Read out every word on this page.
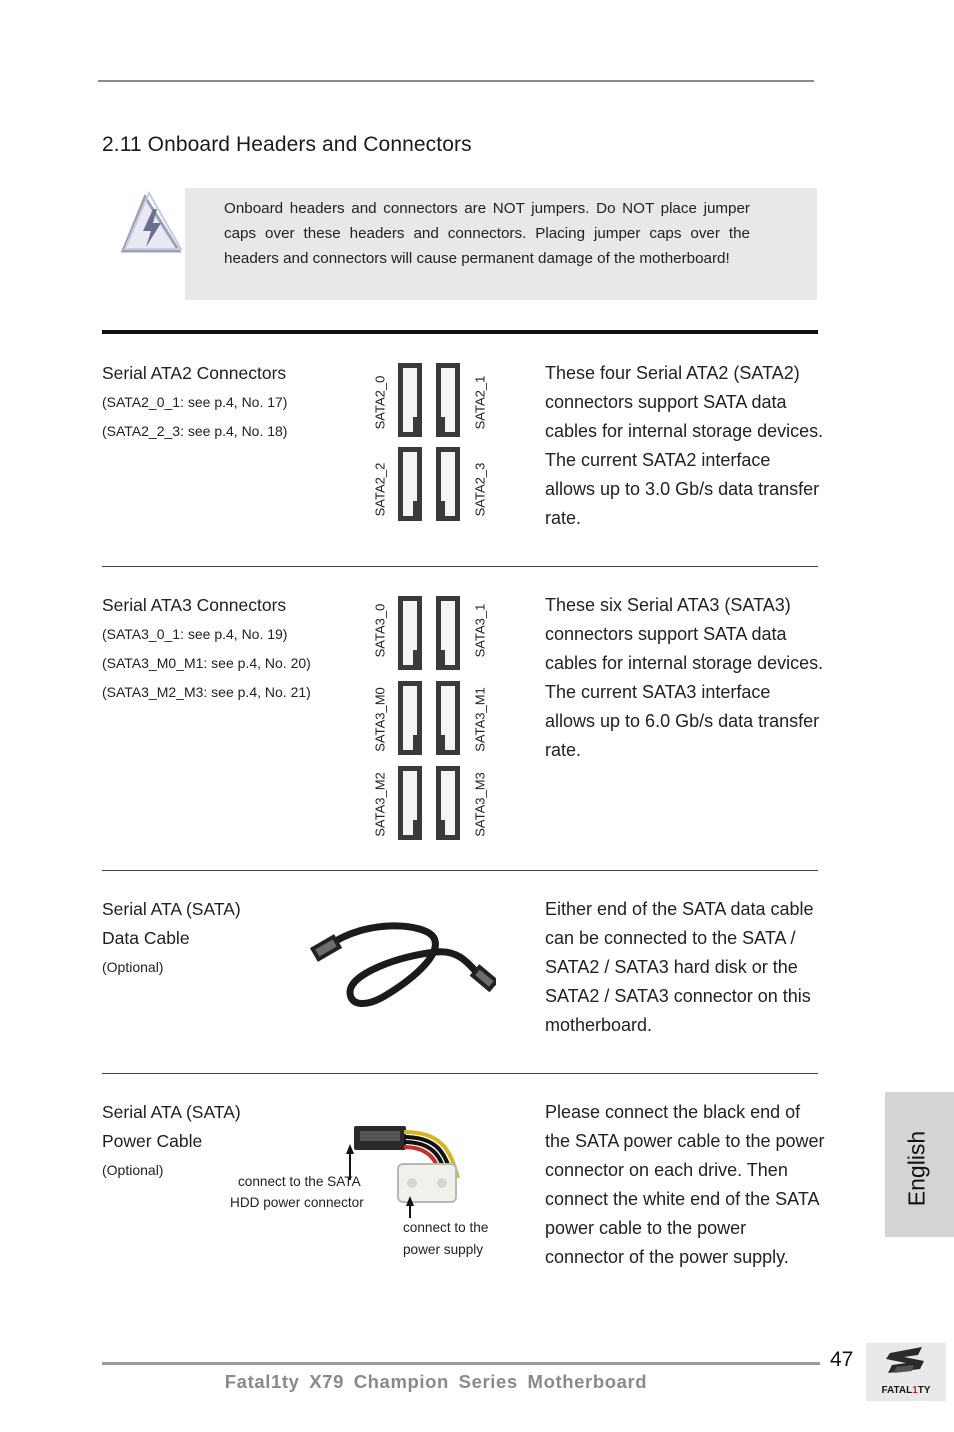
2.11 Onboard Headers and Connectors
Onboard headers and connectors are NOT jumpers. Do NOT place jumper caps over these headers and connectors. Placing jumper caps over the headers and connectors will cause permanent damage of the motherboard!
Serial ATA2 Connectors
(SATA2_0_1: see p.4, No. 17)
(SATA2_2_3: see p.4, No. 18)
SATA2_0	SATA2_1
SATA2_2	SATA2_3
These four Serial ATA2 (SATA2) connectors support SATA data cables for internal storage devices. The current SATA2 interface allows up to 3.0 Gb/s data transfer rate.
Serial ATA3 Connectors
(SATA3_0_1: see p.4, No. 19)
(SATA3_M0_M1: see p.4, No. 20)
(SATA3_M2_M3: see p.4, No. 21)
SATA3_0	SATA3_1
SATA3_M0	SATA3_M1
SATA3_M2	SATA3_M3
These six Serial ATA3 (SATA3) connectors support SATA data cables for internal storage devices. The current SATA3 interface allows up to 6.0 Gb/s data transfer rate.
Serial ATA (SATA)
Data Cable
(Optional)
Either end of the SATA data cable can be connected to the SATA / SATA2 / SATA3 hard disk or the SATA2 / SATA3 connector on this motherboard.
Serial ATA (SATA)
Power Cable
(Optional)
connect to the SATA
HDD power connector
connect to the
power supply
Please connect the black end of the SATA power cable to the power connector on each drive. Then connect the white end of the SATA power cable to the power connector of the power supply.
English
47
Fatal1ty X79 Champion Series Motherboard	FATAL1TY
